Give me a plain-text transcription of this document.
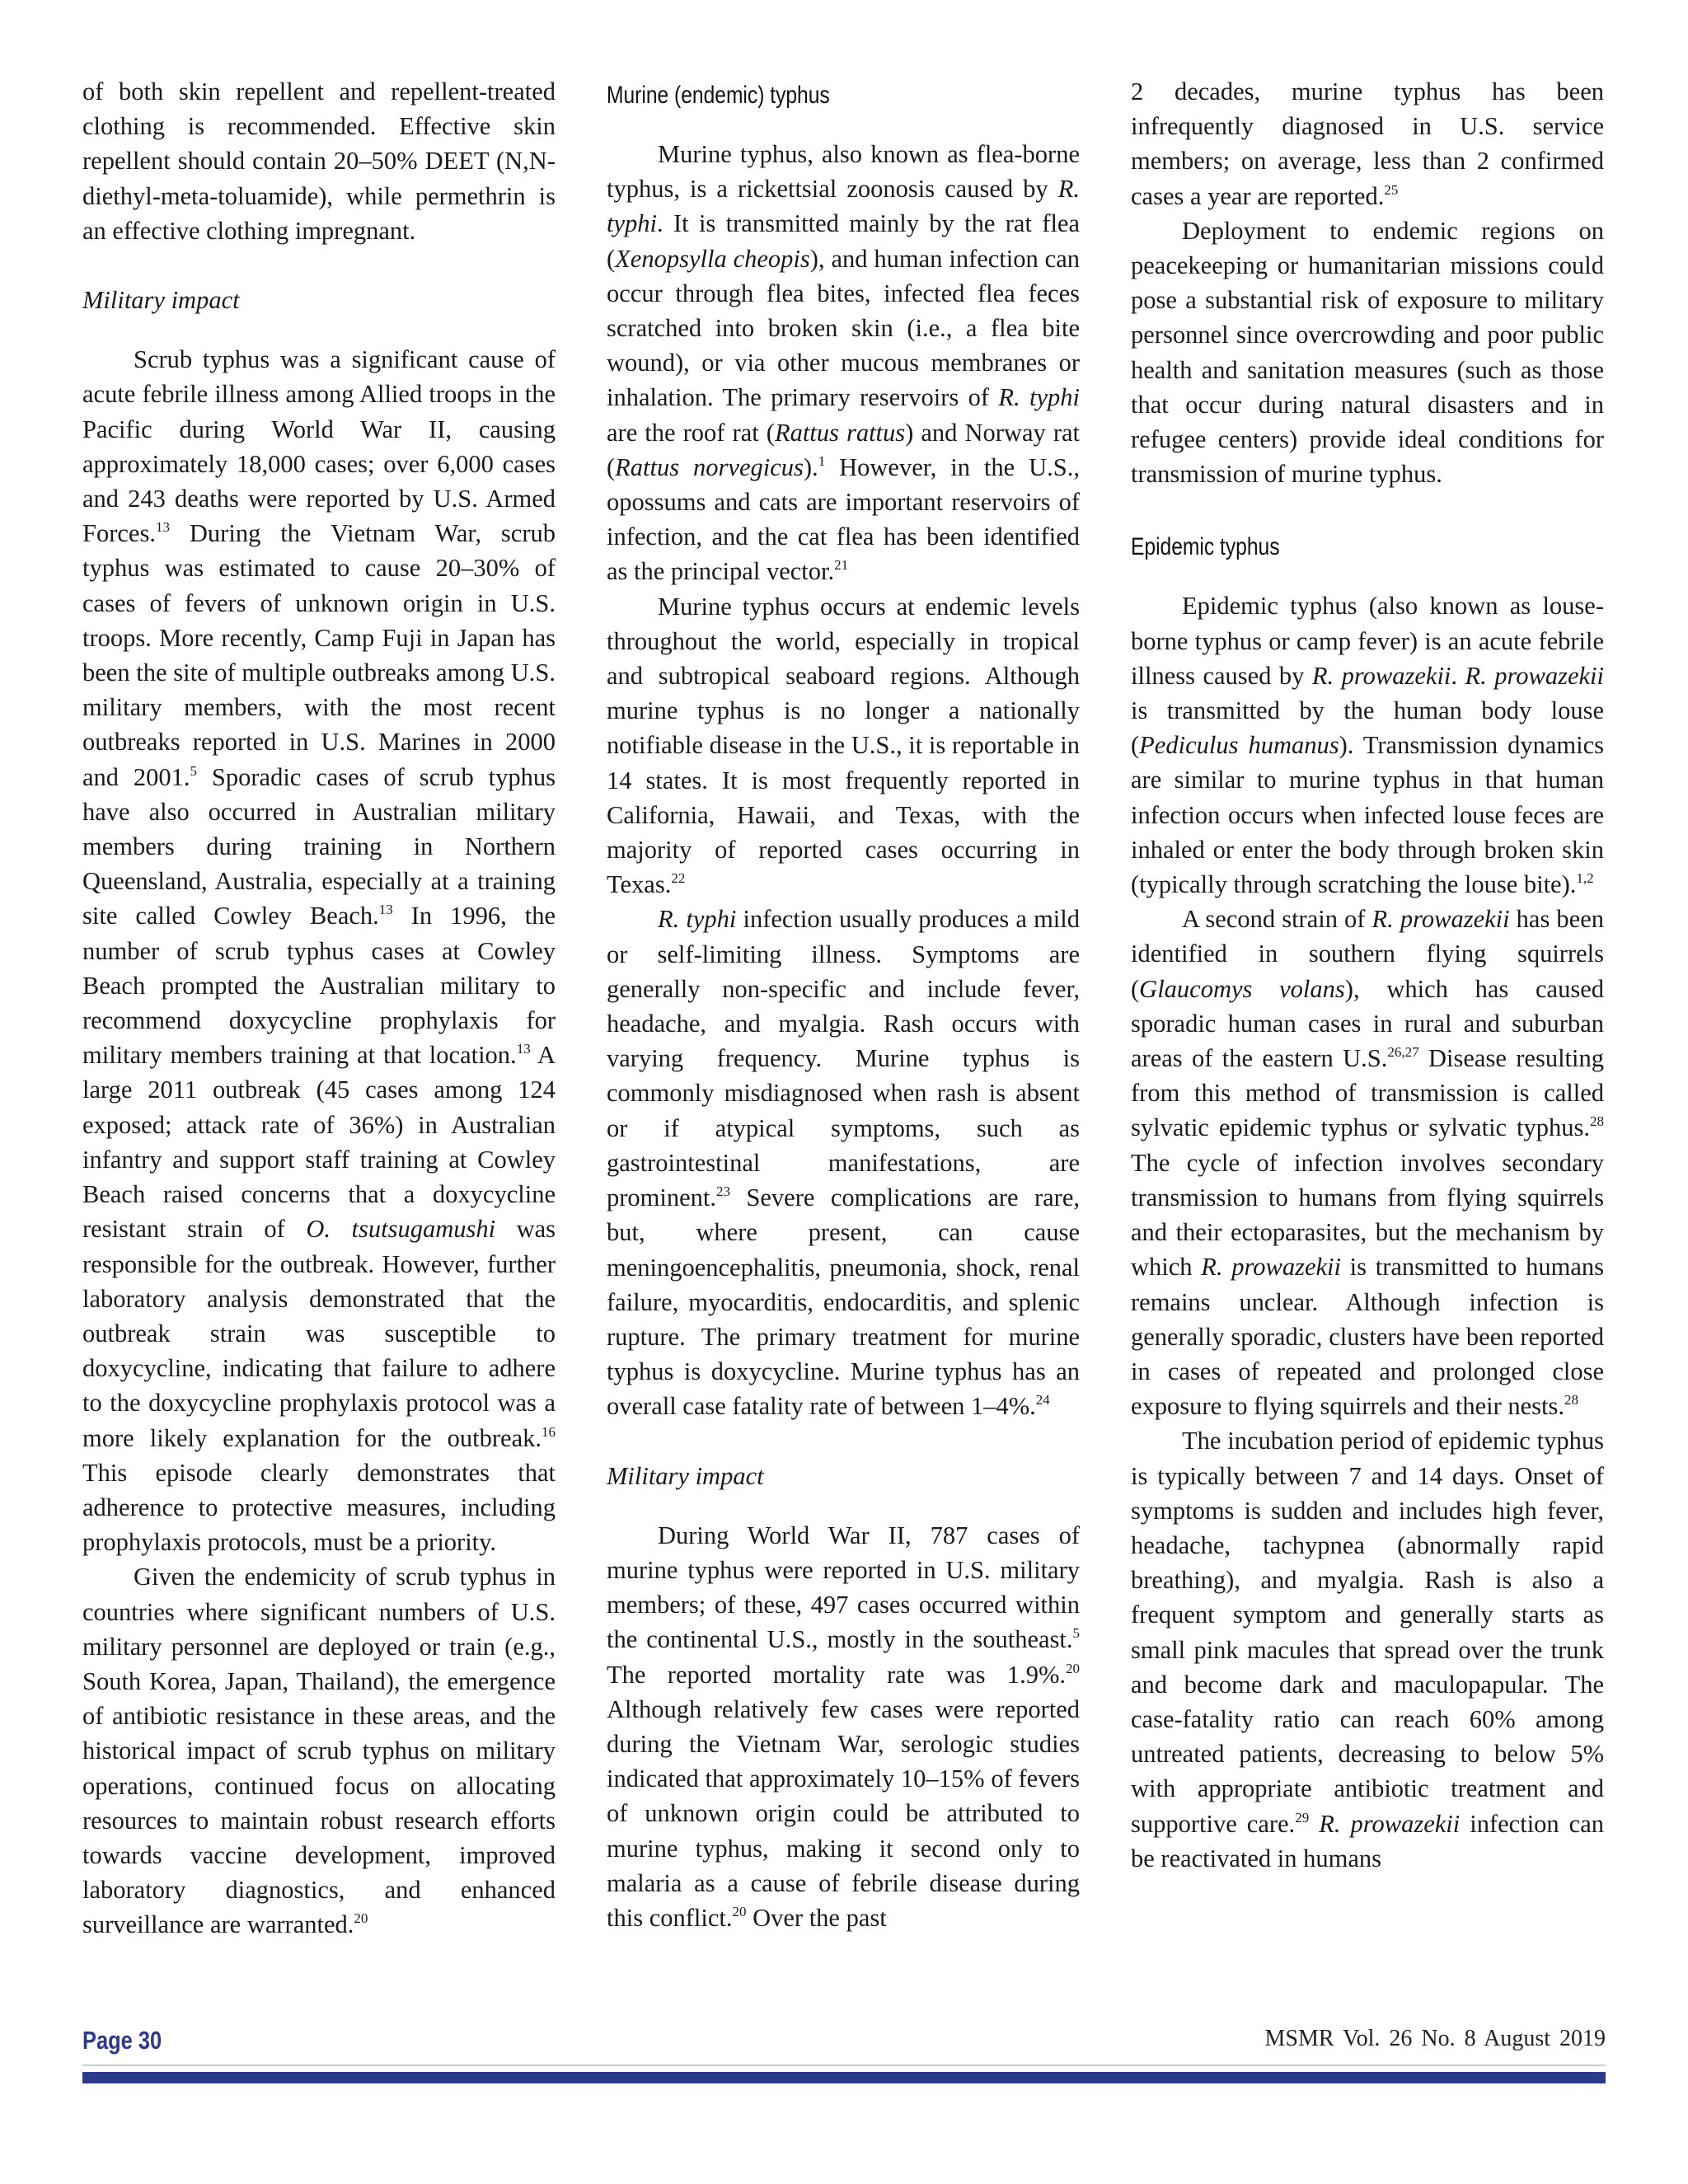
of both skin repellent and repellent-treated clothing is recommended. Effective skin repellent should contain 20–50% DEET (N,N-diethyl-meta-toluamide), while permethrin is an effective clothing impregnant.

Military impact

Scrub typhus was a significant cause of acute febrile illness among Allied troops in the Pacific during World War II, causing approximately 18,000 cases; over 6,000 cases and 243 deaths were reported by U.S. Armed Forces.$^{13}$ During the Vietnam War, scrub typhus was estimated to cause 20–30% of cases of fevers of unknown origin in U.S. troops. More recently, Camp Fuji in Japan has been the site of multiple outbreaks among U.S. military members, with the most recent outbreaks reported in U.S. Marines in 2000 and 2001.$^5$ Sporadic cases of scrub typhus have also occurred in Australian military members during training in Northern Queensland, Australia, especially at a training site called Cowley Beach.$^{13}$ In 1996, the number of scrub typhus cases at Cowley Beach prompted the Australian military to recommend doxycycline prophylaxis for military members training at that location.$^{13}$ A large 2011 outbreak (45 cases among 124 exposed; attack rate of 36%) in Australian infantry and support staff training at Cowley Beach raised concerns that a doxycycline resistant strain of O. tsutsugamushi was responsible for the outbreak. However, further laboratory analysis demonstrated that the outbreak strain was susceptible to doxycycline, indicating that failure to adhere to the doxycycline prophylaxis protocol was a more likely explanation for the outbreak.$^{16}$ This episode clearly demonstrates that adherence to protective measures, including prophylaxis protocols, must be a priority.

Given the endemicity of scrub typhus in countries where significant numbers of U.S. military personnel are deployed or train (e.g., South Korea, Japan, Thailand), the emergence of antibiotic resistance in these areas, and the historical impact of scrub typhus on military operations, continued focus on allocating resources to maintain robust research efforts towards vaccine development, improved laboratory diagnostics, and enhanced surveillance are warranted.$^{20}$

Murine (endemic) typhus

Murine typhus, also known as flea-borne typhus, is a rickettsial zoonosis caused by R. typhi. It is transmitted mainly by the rat flea (Xenopsylla cheopis), and human infection can occur through flea bites, infected flea feces scratched into broken skin (i.e., a flea bite wound), or via other mucous membranes or inhalation. The primary reservoirs of R. typhi are the roof rat (Rattus rattus) and Norway rat (Rattus norvegicus).$^1$ However, in the U.S., opossums and cats are important reservoirs of infection, and the cat flea has been identified as the principal vector.$^{21}$

Murine typhus occurs at endemic levels throughout the world, especially in tropical and subtropical seaboard regions. Although murine typhus is no longer a nationally notifiable disease in the U.S., it is reportable in 14 states. It is most frequently reported in California, Hawaii, and Texas, with the majority of reported cases occurring in Texas.$^{22}$

R. typhi infection usually produces a mild or self-limiting illness. Symptoms are generally non-specific and include fever, headache, and myalgia. Rash occurs with varying frequency. Murine typhus is commonly misdiagnosed when rash is absent or if atypical symptoms, such as gastrointestinal manifestations, are prominent.$^{23}$ Severe complications are rare, but, where present, can cause meningoencephalitis, pneumonia, shock, renal failure, myocarditis, endocarditis, and splenic rupture. The primary treatment for murine typhus is doxycycline. Murine typhus has an overall case fatality rate of between 1–4%.$^{24}$

Military impact

During World War II, 787 cases of murine typhus were reported in U.S. military members; of these, 497 cases occurred within the continental U.S., mostly in the southeast.$^5$ The reported mortality rate was 1.9%.$^{20}$ Although relatively few cases were reported during the Vietnam War, serologic studies indicated that approximately 10–15% of fevers of unknown origin could be attributed to murine typhus, making it second only to malaria as a cause of febrile disease during this conflict.$^{20}$ Over the past

2 decades, murine typhus has been infrequently diagnosed in U.S. service members; on average, less than 2 confirmed cases a year are reported.$^{25}$

Deployment to endemic regions on peacekeeping or humanitarian missions could pose a substantial risk of exposure to military personnel since overcrowding and poor public health and sanitation measures (such as those that occur during natural disasters and in refugee centers) provide ideal conditions for transmission of murine typhus.

Epidemic typhus

Epidemic typhus (also known as louse-borne typhus or camp fever) is an acute febrile illness caused by R. prowazekii. R. prowazekii is transmitted by the human body louse (Pediculus humanus). Transmission dynamics are similar to murine typhus in that human infection occurs when infected louse feces are inhaled or enter the body through broken skin (typically through scratching the louse bite).$^{1,2}$

A second strain of R. prowazekii has been identified in southern flying squirrels (Glaucomys volans), which has caused sporadic human cases in rural and suburban areas of the eastern U.S.$^{26,27}$ Disease resulting from this method of transmission is called sylvatic epidemic typhus or sylvatic typhus.$^{28}$ The cycle of infection involves secondary transmission to humans from flying squirrels and their ectoparasites, but the mechanism by which R. prowazekii is transmitted to humans remains unclear. Although infection is generally sporadic, clusters have been reported in cases of repeated and prolonged close exposure to flying squirrels and their nests.$^{28}$

The incubation period of epidemic typhus is typically between 7 and 14 days. Onset of symptoms is sudden and includes high fever, headache, tachypnea (abnormally rapid breathing), and myalgia. Rash is also a frequent symptom and generally starts as small pink macules that spread over the trunk and become dark and maculopapular. The case-fatality ratio can reach 60% among untreated patients, decreasing to below 5% with appropriate antibiotic treatment and supportive care.$^{29}$ R. prowazekii infection can be reactivated in humans

Page 30	MSMR Vol. 26 No. 8 August 2019
